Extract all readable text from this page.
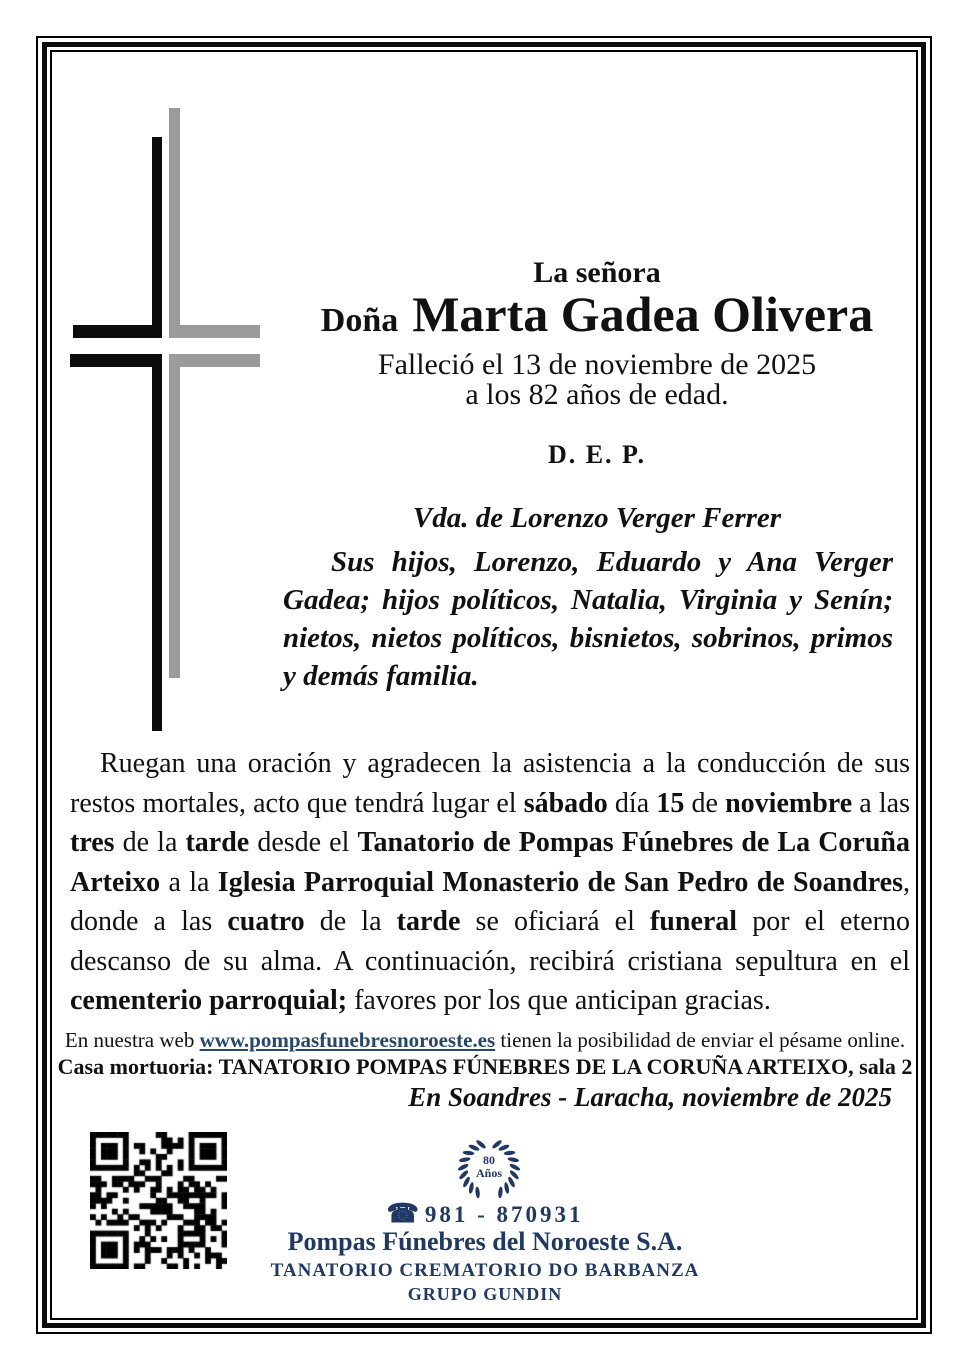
La señora
Doña Marta Gadea Olivera
Falleció el 13 de noviembre de 2025
a los 82 años de edad.
D. E. P.
Vda. de Lorenzo Verger Ferrer
Sus hijos, Lorenzo, Eduardo y Ana Verger Gadea; hijos políticos, Natalia, Virginia y Senín; nietos, nietos políticos, bisnietos, sobrinos, primos y demás familia.
Ruegan una oración y agradecen la asistencia a la conducción de sus restos mortales, acto que tendrá lugar el sábado día 15 de noviembre a las tres de la tarde desde el Tanatorio de Pompas Fúnebres de La Coruña Arteixo a la Iglesia Parroquial Monasterio de San Pedro de Soandres, donde a las cuatro de la tarde se oficiará el funeral por el eterno descanso de su alma. A continuación, recibirá cristiana sepultura en el cementerio parroquial; favores por los que anticipan gracias.
En nuestra web www.pompasfunebresnoroeste.es tienen la posibilidad de enviar el pésame online.
Casa mortuoria: TANATORIO POMPAS FÚNEBRES DE LA CORUÑA ARTEIXO, sala 2
En Soandres - Laracha, noviembre de 2025
80
Años
☎ 981 - 870931
Pompas Fúnebres del Noroeste S.A.
TANATORIO CREMATORIO DO BARBANZA
GRUPO GUNDIN
